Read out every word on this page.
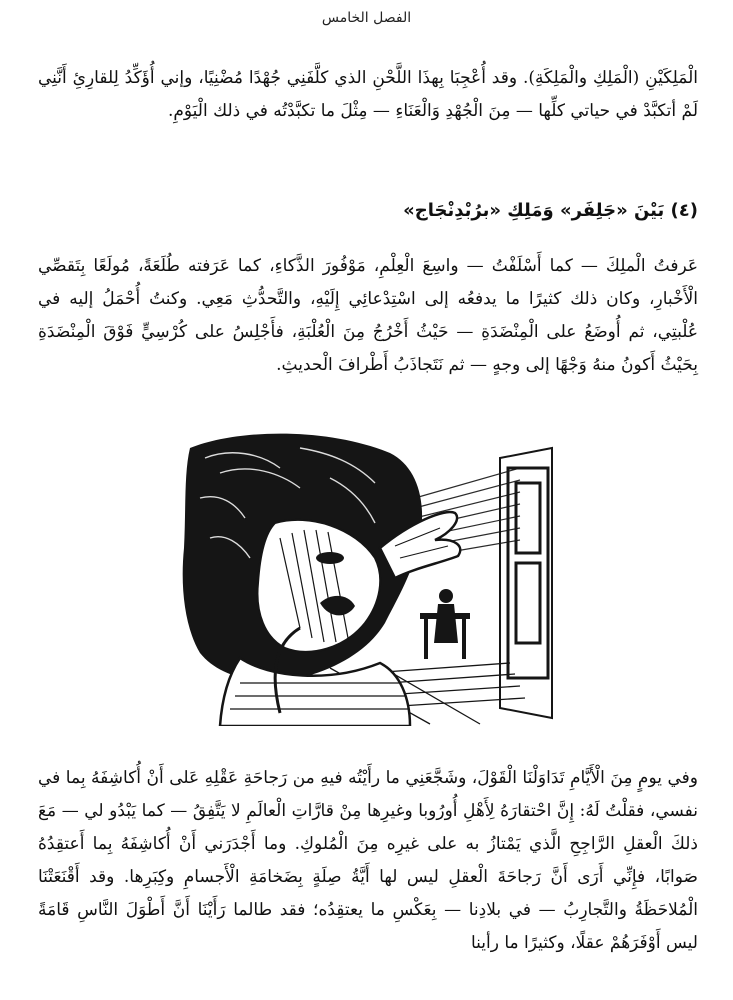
الفصل الخامس

الْمَلِكَيْنِ (الْمَلِكِ والْمَلِكَةِ). وقد أُعْجِبَا بِهذَا اللَّحْنِ الذي كلَّفَنِي جُهْدًا مُضْنِيًا، وإني أُؤَكِّدُ لِلقارِئِ أَنَّنِي لَمْ أتكبَّدْ في حياتي كلِّها — مِنَ الْجُهْدِ وَالْعَنَاءِ — مِثْلَ ما تكبَّدْتُه في ذلك الْيَوْمِ.

(٤) بَيْنَ «جَلِفَر» وَمَلِكِ «برُبْدِنْجَاج»

عَرفتُ الْملِكَ — كما أَسْلَفْتُ — واسِعَ الْعِلْمِ، مَوْفُورَ الذَّكاءِ، كما عَرَفته طُلَعَةً، مُولَعًا بِتَقصِّي الْأَخْبارِ، وكان ذلك كثيرًا ما يدفعُه إلى اسْتِدْعائِي إِلَيْهِ، والتَّحدُّثِ مَعِي. وكنتُ أُحْمَلُ إليه في عُلْبتِي، ثم أُوضَعُ على الْمِنْضَدَةِ — حَيْثُ أَخْرُجُ مِنَ الْعُلْبَةِ، فأَجْلِسُ على كُرْسِيٍّ فَوْقَ الْمِنْضَدَةِ بِحَيْثُ أَكونُ منهُ وَجْهًا إلى وجهٍ — ثم نَتَجاذَبُ أَطْرافَ الْحديثِ.

وفي يومٍ مِنَ الْأَيَّامِ تَدَاوَلْنَا الْقَوْلَ، وشَجَّعَنِي ما رأَيْتُه فيهِ من رَجاحَةِ عَقْلِهِ عَلى أَنْ أُكاشِفَهُ بِما في نفسي، فقلْتُ لَهُ: إِنَّ احْتقارَهُ لِأَهْلِ أُورُوبا وغيرِها مِنْ قارَّاتِ الْعالَمِ لا يَتَّفِقُ — كما يَبْدُو لي — مَعَ ذلكَ الْعقلِ الرَّاجِحِ الَّذي يَمْتازُ به على غيرِه مِنَ الْمُلوكِ. وما أَجْدَرَني أَنْ أُكاشِفَهُ بِما أَعتقِدُهُ صَوابًا، فإِنِّي أَرَى أَنَّ رَجاحَةَ الْعقلِ ليس لها أَيَّةُ صِلَةٍ بِضَخامَةِ الْأَجسامِ وكِبَرِها. وقد أَقْنَعَتْنَا الْمُلاحَظَةُ والتَّجارِبُ — في بلادِنا — بِعَكْسِ ما يعتقِدُه؛ فقد طالما رَأَيْنَا أَنَّ أَطْوَلَ النَّاسِ قَامَةً ليس أَوْفَرَهُمْ عقلًا، وكثيرًا ما رأينا
